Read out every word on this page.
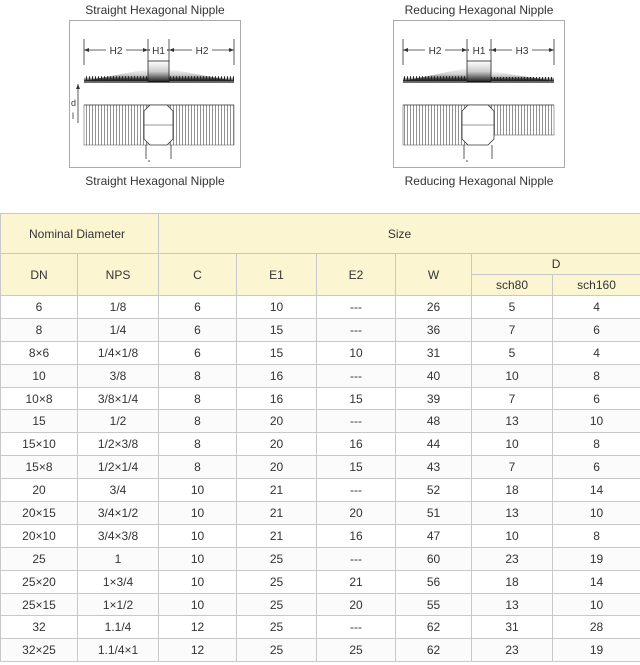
Straight Hexagonal Nipple
H2	H1	H2
d
l
Straight Hexagonal Nipple
Reducing Hexagonal Nipple
H2	H1	H3
Reducing Hexagonal Nipple
Nominal Diameter		Size					
DN	NPS	C	E1	E2	W	D	
						sch80	sch160
6	1/8	6	10	---	26	5	4
8	1/4	6	15	---	36	7	6
8×6	1/4×1/8	6	15	10	31	5	4
10	3/8	8	16	---	40	10	8
10×8	3/8×1/4	8	16	15	39	7	6
15	1/2	8	20	---	48	13	10
15×10	1/2×3/8	8	20	16	44	10	8
15×8	1/2×1/4	8	20	15	43	7	6
20	3/4	10	21	---	52	18	14
20×15	3/4×1/2	10	21	20	51	13	10
20×10	3/4×3/8	10	21	16	47	10	8
25	1	10	25	---	60	23	19
25×20	1×3/4	10	25	21	56	18	14
25×15	1×1/2	10	25	20	55	13	10
32	1.1/4	12	25	---	62	31	28
32×25	1.1/4×1	12	25	25	62	23	19
